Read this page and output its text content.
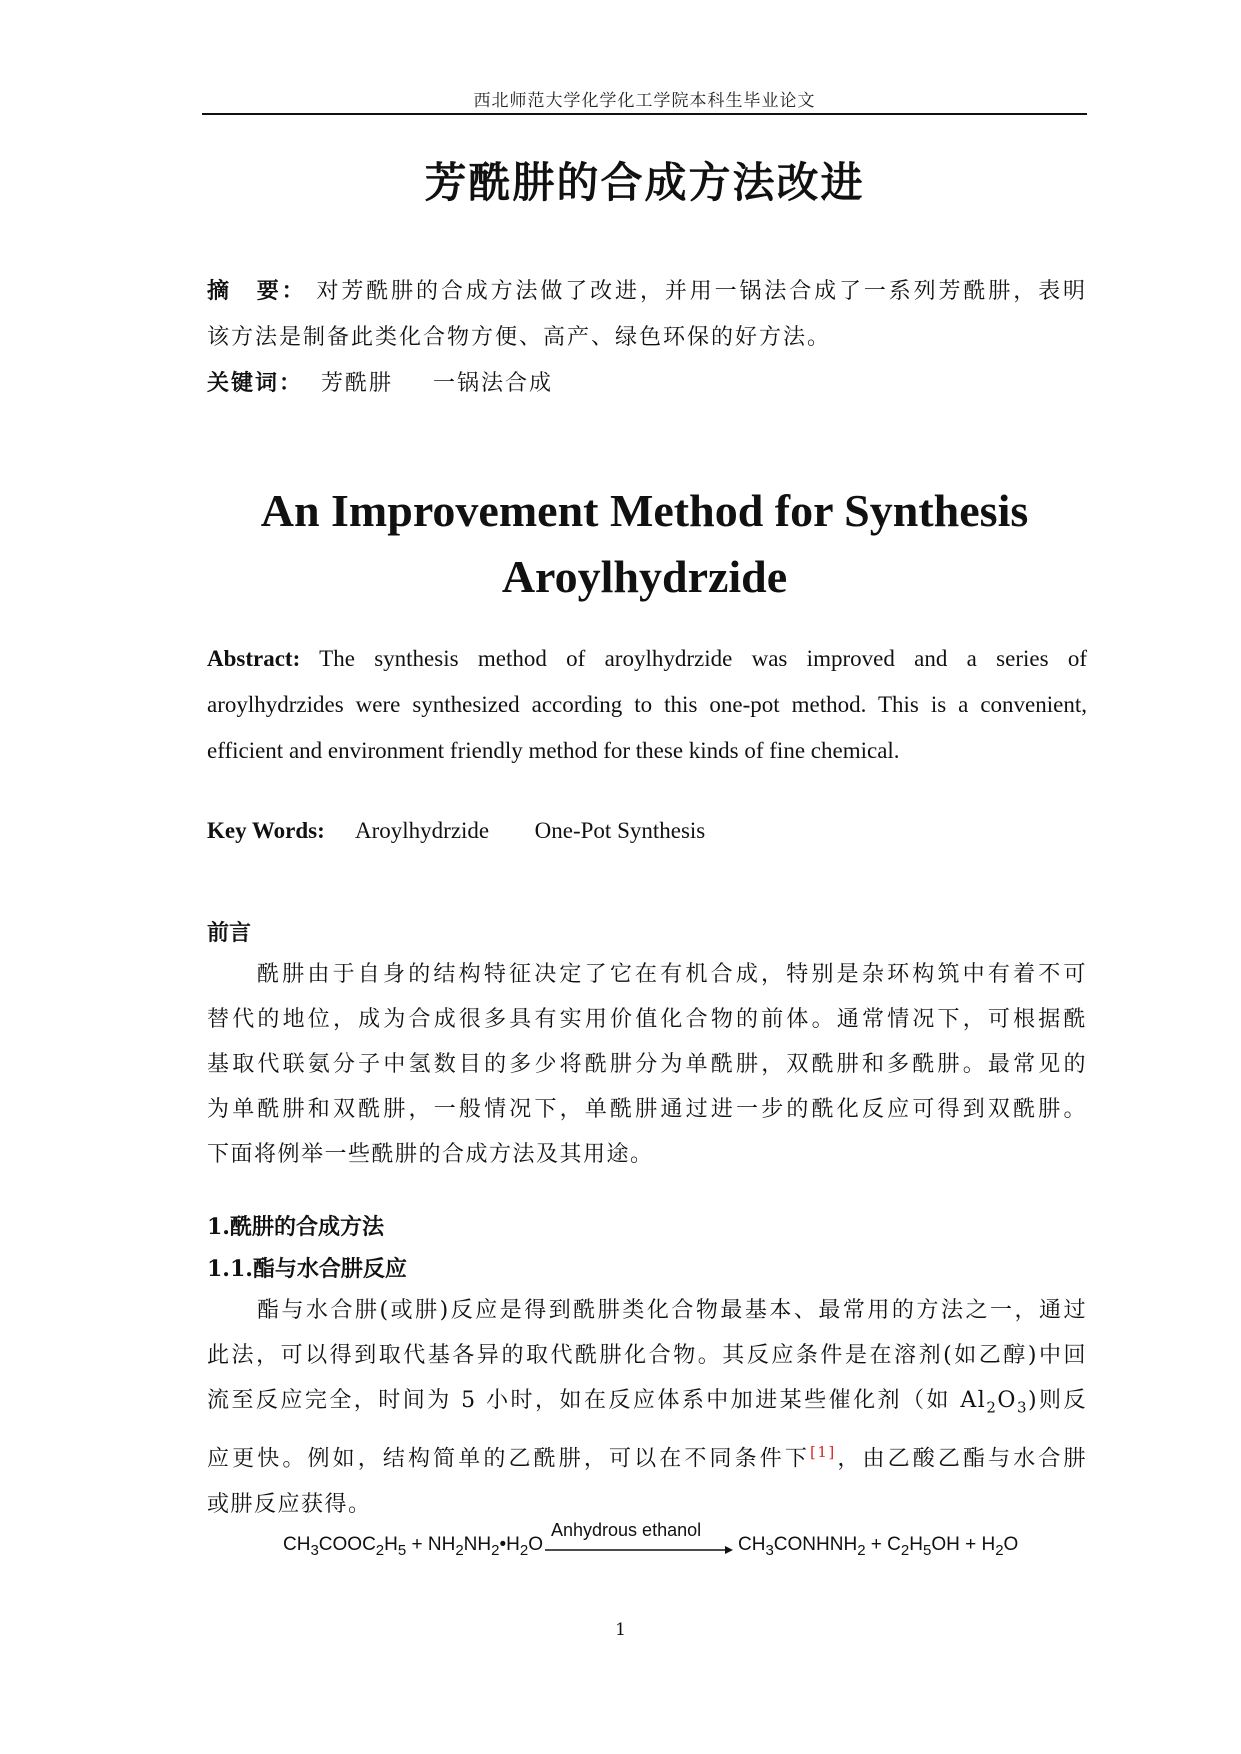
西北师范大学化学化工学院本科生毕业论文
芳酰肼的合成方法改进
摘　要： 对芳酰肼的合成方法做了改进，并用一锅法合成了一系列芳酰肼，表明
该方法是制备此类化合物方便、高产、绿色环保的好方法。
关键词： 芳酰肼 一锅法合成
An Improvement Method for Synthesis
Aroylhydrzide
Abstract: The synthesis method of aroylhydrzide was improved and a series of
aroylhydrzides were synthesized according to this one-pot method. This is a convenient,
efficient and environment friendly method for these kinds of fine chemical.
Key Words: Aroylhydrzide One-Pot Synthesis
前言
酰肼由于自身的结构特征决定了它在有机合成，特别是杂环构筑中有着不可
替代的地位，成为合成很多具有实用价值化合物的前体。通常情况下，可根据酰
基取代联氨分子中氢数目的多少将酰肼分为单酰肼，双酰肼和多酰肼。最常见的
为单酰肼和双酰肼，一般情况下，单酰肼通过进一步的酰化反应可得到双酰肼。
下面将例举一些酰肼的合成方法及其用途。
1.酰肼的合成方法
1.1.酯与水合肼反应
酯与水合肼(或肼)反应是得到酰肼类化合物最基本、最常用的方法之一，通过
此法，可以得到取代基各异的取代酰肼化合物。其反应条件是在溶剂(如乙醇)中回
流至反应完全，时间为 5 小时，如在反应体系中加进某些催化剂（如 $Al_2O_3$)则反
应更快。例如，结构简单的乙酰肼，可以在不同条件下[1]，由乙酸乙酯与水合肼
或肼反应获得。
$CH_3COOC_2H_5$ + $NH_2NH_2•H_2O$
Anhydrous ethanol
$CH_3CONHNH_2 + C_2H_5OH + H_2O$
1
